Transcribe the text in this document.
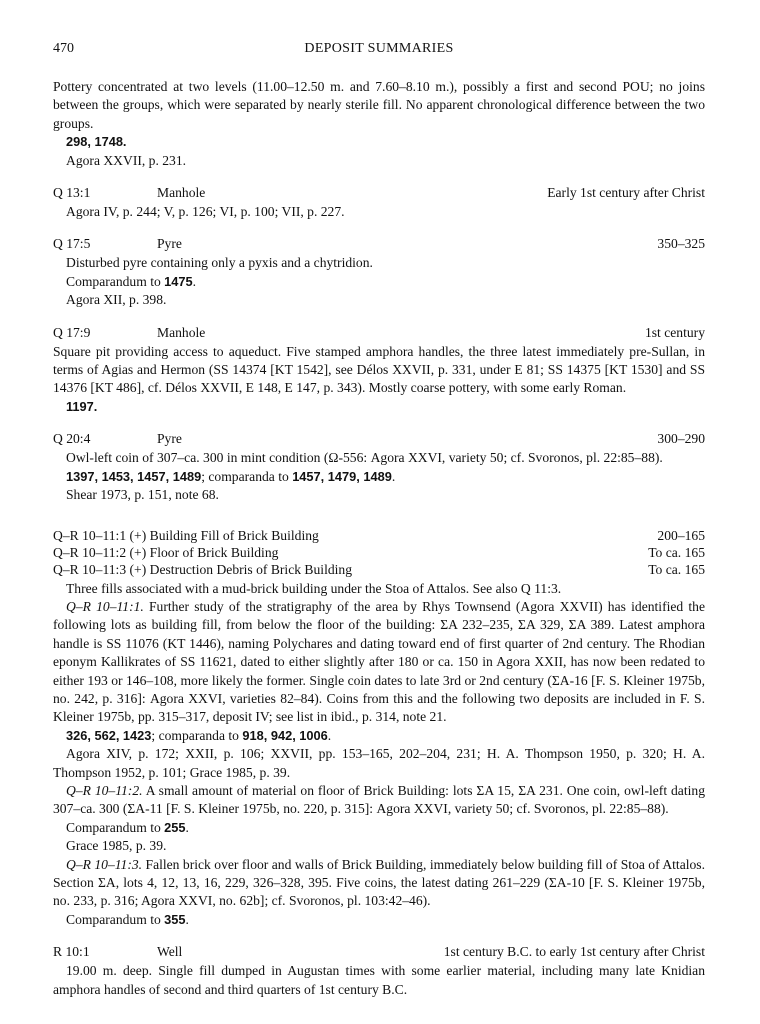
470	DEPOSIT SUMMARIES

Pottery concentrated at two levels (11.00–12.50 m. and 7.60–8.10 m.), possibly a first and second POU; no joins between the groups, which were separated by nearly sterile fill. No apparent chronological difference between the two groups.

298, 1748.

Agora XXVII, p. 231.

Q 13:1	Manhole	Early 1st century after Christ

Agora IV, p. 244; V, p. 126; VI, p. 100; VII, p. 227.

Q 17:5	Pyre	350–325

Disturbed pyre containing only a pyxis and a chytridion.

Comparandum to 1475.

Agora XII, p. 398.

Q 17:9	Manhole	1st century

Square pit providing access to aqueduct. Five stamped amphora handles, the three latest immediately pre-Sullan, in terms of Agias and Hermon (SS 14374 [KT 1542], see Délos XXVII, p. 331, under E 81; SS 14375 [KT 1530] and SS 14376 [KT 486], cf. Délos XXVII, E 148, E 147, p. 343). Mostly coarse pottery, with some early Roman.

1197.

Q 20:4	Pyre	300–290

Owl-left coin of 307–ca. 300 in mint condition (Ω-556: Agora XXVI, variety 50; cf. Svoronos, pl. 22:85–88).

1397, 1453, 1457, 1489; comparanda to 1457, 1479, 1489.

Shear 1973, p. 151, note 68.

Q–R 10–11:1 (+) Building Fill of Brick Building	200–165
Q–R 10–11:2 (+) Floor of Brick Building	To ca. 165
Q–R 10–11:3 (+) Destruction Debris of Brick Building	To ca. 165

Three fills associated with a mud-brick building under the Stoa of Attalos. See also Q 11:3.

Q–R 10–11:1. Further study of the stratigraphy of the area by Rhys Townsend (Agora XXVII) has identified the following lots as building fill, from below the floor of the building: ΣΑ 232–235, ΣΑ 329, ΣΑ 389. Latest amphora handle is SS 11076 (KT 1446), naming Polychares and dating toward end of first quarter of 2nd century. The Rhodian eponym Kallikrates of SS 11621, dated to either slightly after 180 or ca. 150 in Agora XXII, has now been redated to either 193 or 146–108, more likely the former. Single coin dates to late 3rd or 2nd century (ΣΑ-16 [F. S. Kleiner 1975b, no. 242, p. 316]: Agora XXVI, varieties 82–84). Coins from this and the following two deposits are included in F. S. Kleiner 1975b, pp. 315–317, deposit IV; see list in ibid., p. 314, note 21.

326, 562, 1423; comparanda to 918, 942, 1006.

Agora XIV, p. 172; XXII, p. 106; XXVII, pp. 153–165, 202–204, 231; H. A. Thompson 1950, p. 320; H. A. Thompson 1952, p. 101; Grace 1985, p. 39.

Q–R 10–11:2. A small amount of material on floor of Brick Building: lots ΣΑ 15, ΣΑ 231. One coin, owl-left dating 307–ca. 300 (ΣΑ-11 [F. S. Kleiner 1975b, no. 220, p. 315]: Agora XXVI, variety 50; cf. Svoronos, pl. 22:85–88).

Comparandum to 255.

Grace 1985, p. 39.

Q–R 10–11:3. Fallen brick over floor and walls of Brick Building, immediately below building fill of Stoa of Attalos. Section ΣΑ, lots 4, 12, 13, 16, 229, 326–328, 395. Five coins, the latest dating 261–229 (ΣΑ-10 [F. S. Kleiner 1975b, no. 233, p. 316; Agora XXVI, no. 62b]; cf. Svoronos, pl. 103:42–46).

Comparandum to 355.

R 10:1	Well	1st century B.C. to early 1st century after Christ

19.00 m. deep. Single fill dumped in Augustan times with some earlier material, including many late Knidian amphora handles of second and third quarters of 1st century B.C.
